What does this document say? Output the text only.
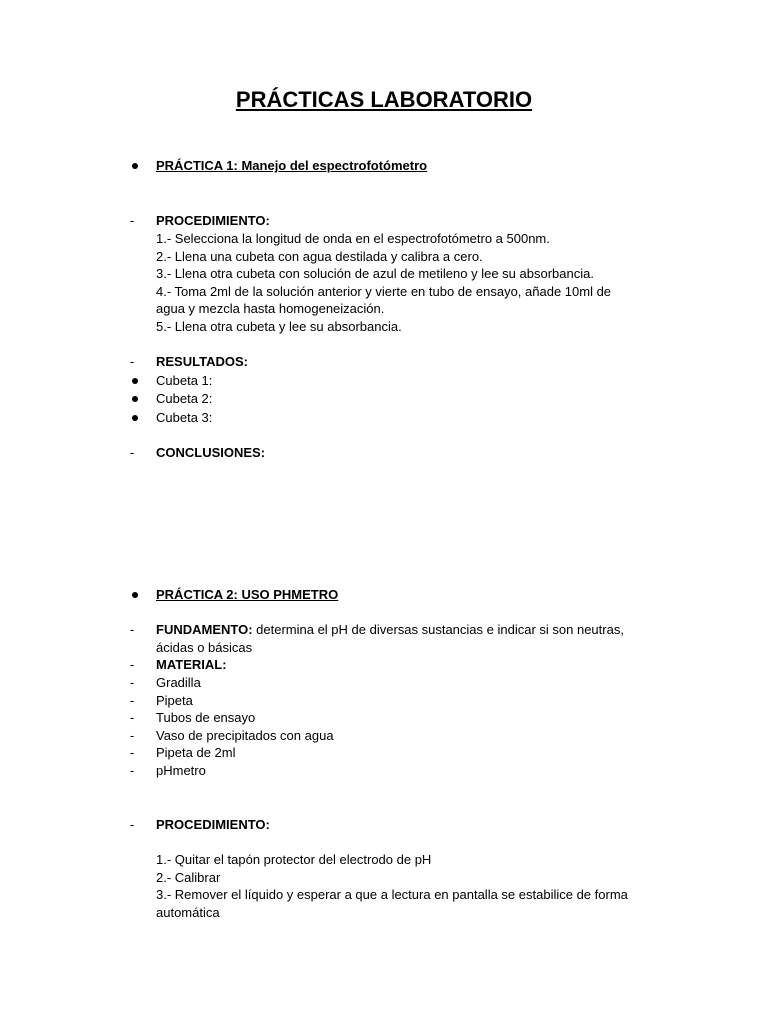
PRÁCTICAS LABORATORIO
PRÁCTICA 1: Manejo del espectrofotómetro
-	PROCEDIMIENTO:
1.- Selecciona la longitud de onda en el espectrofotómetro a 500nm.
2.- Llena una cubeta con agua destilada y calibra a cero.
3.- Llena otra cubeta con solución de azul de metileno y lee su absorbancia.
4.- Toma 2ml de la solución anterior y vierte en tubo de ensayo, añade 10ml de
agua y mezcla hasta homogeneización.
5.- Llena otra cubeta y lee su absorbancia.
-	RESULTADOS:
Cubeta 1:
Cubeta 2:
Cubeta 3:
-	CONCLUSIONES:
PRÁCTICA 2: USO PHMETRO
-	FUNDAMENTO: determina el pH de diversas sustancias e indicar si son neutras,
ácidas o básicas
-	MATERIAL:
-	Gradilla
-	Pipeta
-	Tubos de ensayo
-	Vaso de precipitados con agua
-	Pipeta de 2ml
-	pHmetro
-	PROCEDIMIENTO:
1.- Quitar el tapón protector del electrodo de pH
2.- Calibrar
3.- Remover el líquido y esperar a que a lectura en pantalla se estabilice de forma
automática
